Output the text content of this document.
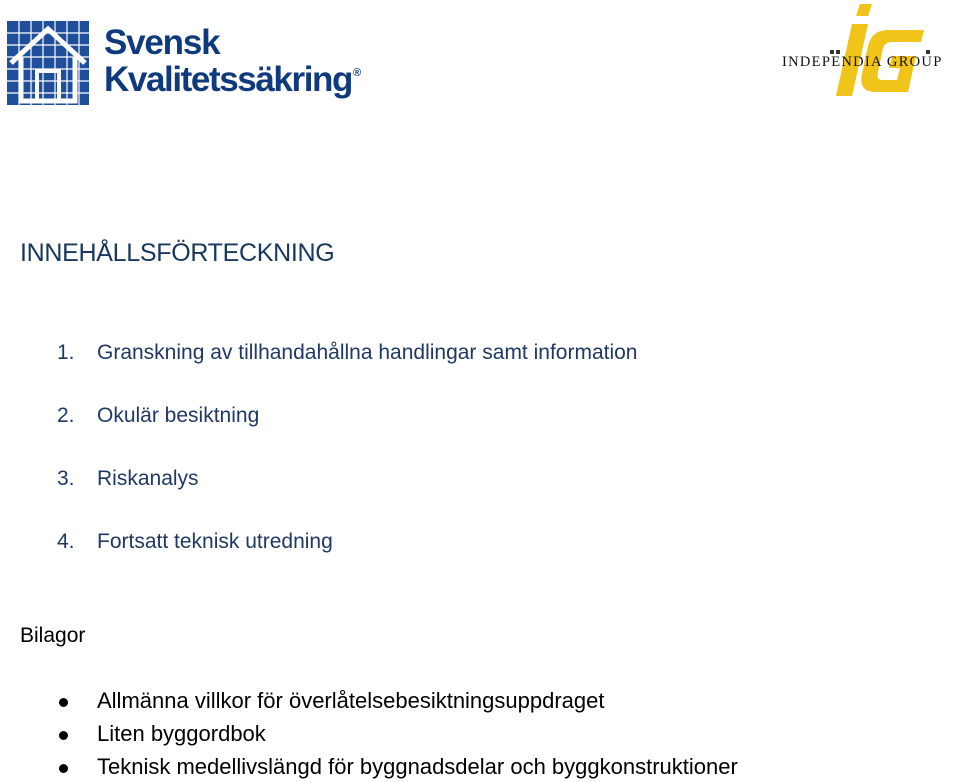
Svensk
Kvalitetssäkring®
INDEPENDIA GROUP
INNEHÅLLSFÖRTECKNING
1.	Granskning av tillhandahållna handlingar samt information
2.	Okulär besiktning
3.	Riskanalys
4.	Fortsatt teknisk utredning
Bilagor
Allmänna villkor för överlåtelsebesiktningsuppdraget
Liten byggordbok
Teknisk medellivslängd för byggnadsdelar och byggkonstruktioner
